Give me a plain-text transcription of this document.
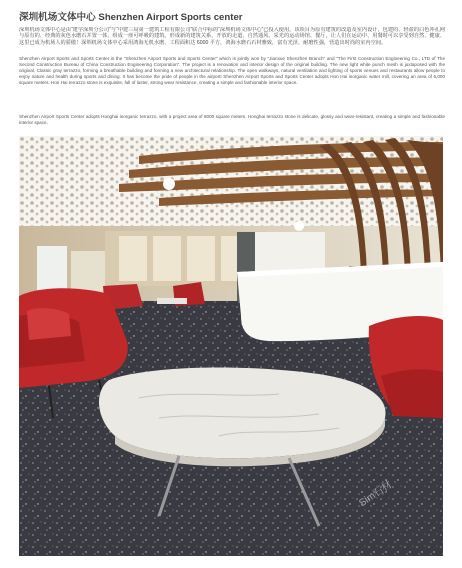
深圳机场文体中心 Shenzhen Airport Sports center
深圳机场文体中心是由“建学深圳分公司”与“中建三局第一建筑工程有限公司”联合中标的“深圳机场文体中心”已投入使用。该项目为原有建筑的改造及室内设计，包建的、轻盈的白色冲孔网与原有的、经典的灰色水磨石并置一体，组成一座可呼吸的建筑。形成新的建筑关系，开放的走道、自然通风、采光的运动场馆、餐厅，让人们在运动中、用餐时可以享受到自然、健康、这里已成为机场人的骄傲！深圳机场文体中心采用鸿海无机水磨，工程面积达 6000 平方，鸿海水磨石石材雅致，富有光泽，耐磨性强，营造出时尚的室内空间。
Shenzhen Airport Sports and Sports Center is the "Shenzhen Airport Sports and Sports Center" which is jointly won by "Jianxue Shenzhen Branch" and "The First Construction Engineering Co., LTD of The Second Construction Bureau of China Construction Engineering Corporation". The project is a renovation and interior design of the original building. The new light white punch mesh is juxtaposed with the original, Classic gray terrazzo, forming a breathable building and forming a new architectural relationship. The open walkways, natural ventilation and lighting of sports venues and restaurants allow people to enjoy nature and health during sports and dining. It has become the pride of people in the airport! Shenzhen Airport Sports and Sports Center adopts Hon Hai inorganic water mill, covering an area of 6,000 square meters. Hon Hai terrazzo stone is exquisite, full of luster, strong wear resistance, creating a simple and fashionable interior space.
Shenzhen Airport Sports Center adopts Honghai inorganic terrazzo, with a project area of 6000 square meters. Honghai terrazzo stone is delicate, glossy and wear-resistant, creating a simple and fashionable interior space.
Sim石材
